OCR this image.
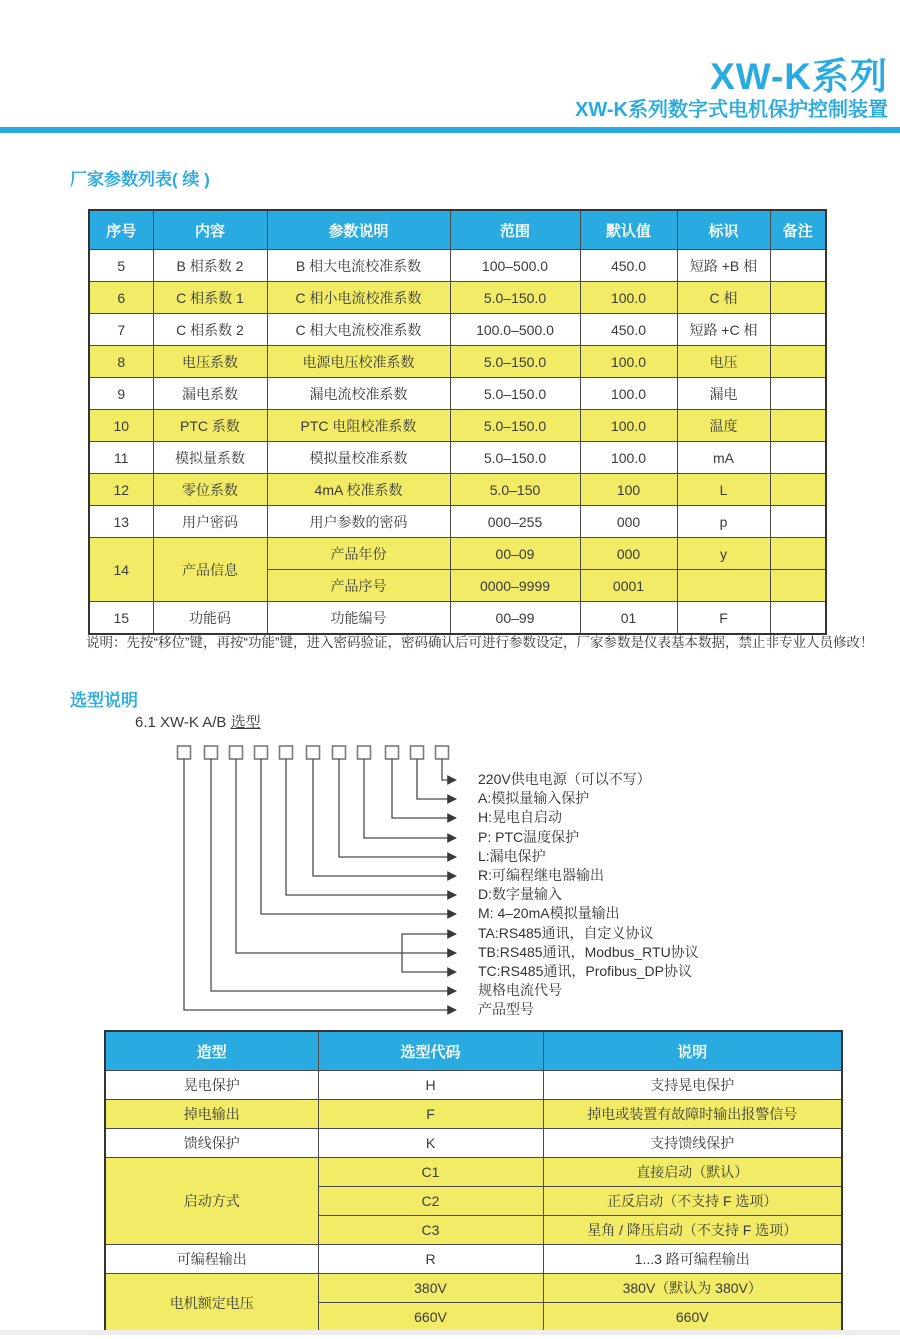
XW-K系列
XW-K系列数字式电机保护控制装置
厂家参数列表( 续 )
序号	内容	参数说明	范围	默认值	标识	备注
5	B 相系数 2	B 相大电流校准系数	100–500.0	450.0	短路 +B 相	
6	C 相系数 1	C 相小电流校准系数	5.0–150.0	100.0	C 相	
7	C 相系数 2	C 相大电流校准系数	100.0–500.0	450.0	短路 +C 相	
8	电压系数	电源电压校准系数	5.0–150.0	100.0	电压	
9	漏电系数	漏电流校准系数	5.0–150.0	100.0	漏电	
10	PTC 系数	PTC 电阻校准系数	5.0–150.0	100.0	温度	
11	模拟量系数	模拟量校准系数	5.0–150.0	100.0	mA	
12	零位系数	4mA 校准系数	5.0–150	100	L	
13	用户密码	用户参数的密码	000–255	000	p	
14	产品信息	产品年份	00–09	000	y	
		产品序号	0000–9999	0001		
15	功能码	功能编号	00–99	01	F	
说明：先按“移位”键，再按“功能”键，进入密码验证，密码确认后可进行参数设定，厂家参数是仪表基本数据，禁止非专业人员修改！
选型说明
6.1 XW-K A/B 选型
220V供电电源（可以不写）
A:模拟量输入保护
H:晃电自启动
P: PTC温度保护
L:漏电保护
R:可编程继电器输出
D:数字量输入
M: 4–20mA模拟量输出
TA:RS485通讯，自定义协议
TB:RS485通讯，Modbus_RTU协议
TC:RS485通讯，Profibus_DP协议
规格电流代号
产品型号
造型	选型代码	说明
晃电保护	H	支持晃电保护
掉电输出	F	掉电或装置有故障时输出报警信号
馈线保护	K	支持馈线保护
启动方式	C1	直接启动（默认）
	C2	正反启动（不支持 F 选项）
	C3	星角 / 降压启动（不支持 F 选项）
可编程输出	R	1...3 路可编程输出
电机额定电压	380V	380V（默认为 380V）
	660V	660V
